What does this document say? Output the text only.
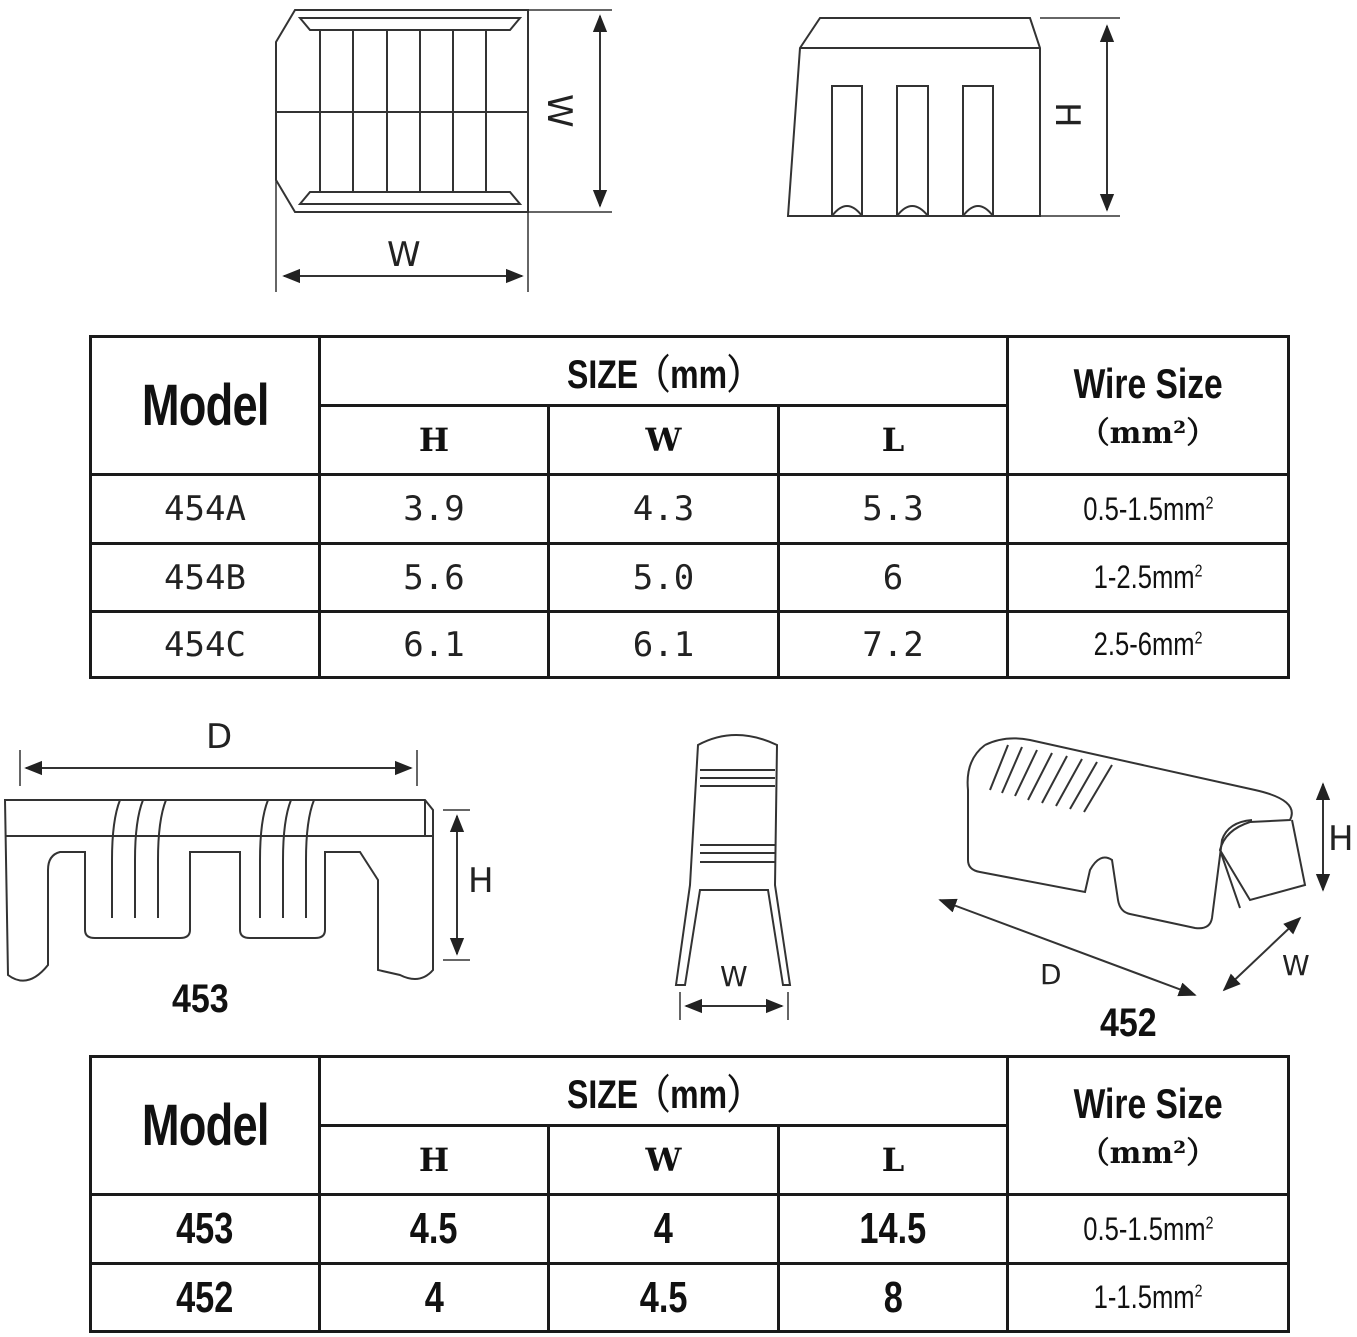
W
W	H
D
H
453	W
H
D	W
452
Model	SIZE（mm）			Wire Size
（mm²）
	H	W	L	
454A	3.9	4.3	5.3	$0.5-1.5mm^2$
454B	5.6	5.0	6	$1-2.5mm^2$
454C	6.1	6.1	7.2	$2.5-6mm^2$
Model	SIZE（mm）			Wire Size
（mm²）
	H	W	L	
453	4.5	4	14.5	$0.5-1.5mm^2$
452	4	4.5	8	$1-1.5mm^2$
